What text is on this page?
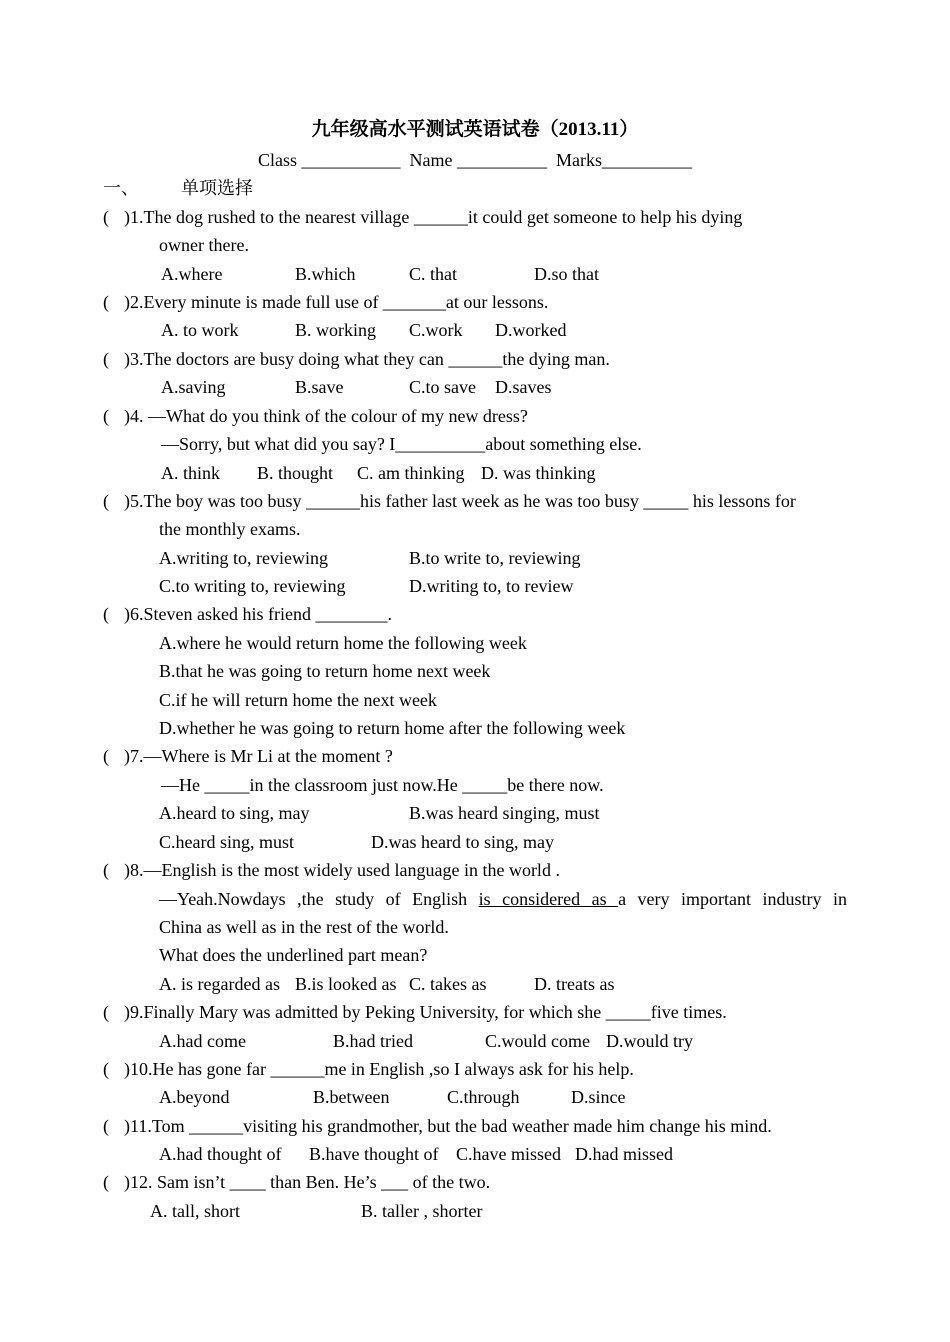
九年级高水平测试英语试卷（2013.11）
Class ___________  Name __________  Marks__________
一、 单项选择
( )1.The dog rushed to the nearest village ______it could get someone to help his dying
owner there.
A.where	B.which	C. that	D.so that
( )2.Every minute is made full use of _______at our lessons.
A. to work	B. working C.work D.worked
( )3.The doctors are busy doing what they can ______the dying man.
A.saving	B.save	C.to save D.saves
( )4. —What do you think of the colour of my new dress?
—Sorry, but what did you say? I__________about something else.
A. think B. thought C. am thinking D. was thinking
( )5.The boy was too busy ______his father last week as he was too busy _____ his lessons for
the monthly exams.
A.writing to, reviewing	B.to write to, reviewing
C.to writing to, reviewing	D.writing to, to review
( )6.Steven asked his friend ________.
A.where he would return home the following week
B.that he was going to return home next week
C.if he will return home the next week
D.whether he was going to return home after the following week
( )7.—Where is Mr Li at the moment ?
—He _____in the classroom just now.He _____be there now.
A.heard to sing, may	B.was heard singing, must
C.heard sing, must	D.was heard to sing, may
( )8.—English is the most widely used language in the world .
—Yeah.Nowdays ,the study of English is considered as a very important industry in
China as well as in the rest of the world.
What does the underlined part mean?
A. is regarded as B.is looked as C. takes as	D. treats as
( )9.Finally Mary was admitted by Peking University, for which she _____five times.
A.had come	B.had tried	C.would come D.would try
( )10.He has gone far ______me in English ,so I always ask for his help.
A.beyond	B.between	C.through	D.since
( )11.Tom ______visiting his grandmother, but the bad weather made him change his mind.
A.had thought of B.have thought of C.have missed D.had missed
( )12. Sam isn’t ____ than Ben. He’s ___ of the two.
A. tall, short	B. taller , shorter
